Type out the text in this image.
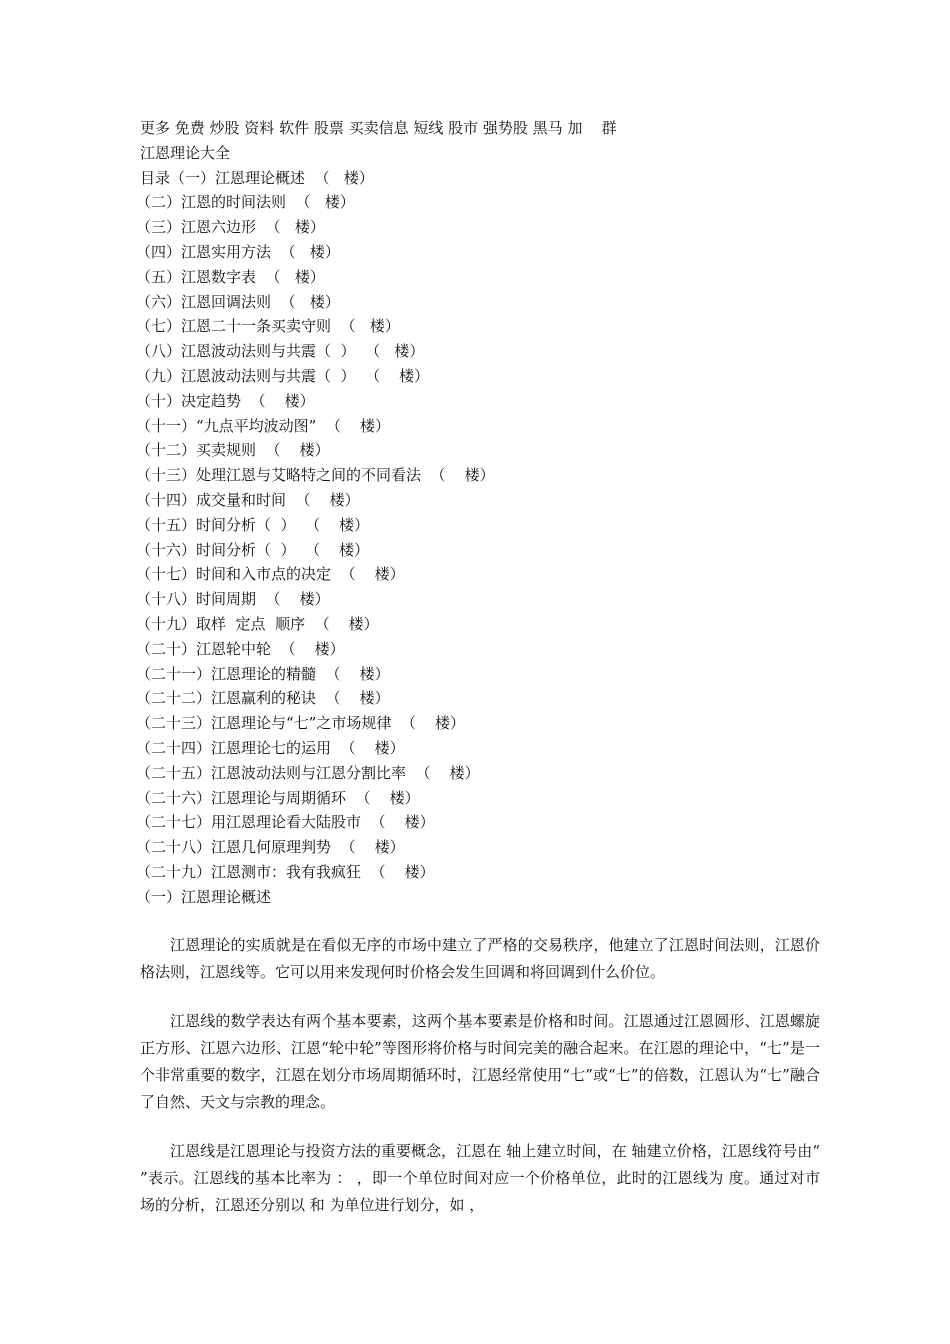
更多 免费 炒股 资料 软件 股票 买卖信息 短线 股市 强势股 黑马 加    群
江恩理论大全
目录（一）江恩理论概述  （   楼）
（二）江恩的时间法则  （   楼）
（三）江恩六边形  （   楼）
（四）江恩实用方法  （   楼）
（五）江恩数字表  （   楼）
（六）江恩回调法则  （   楼）
（七）江恩二十一条买卖守则  （   楼）
（八）江恩波动法则与共震（  ）  （   楼）
（九）江恩波动法则与共震（  ）  （    楼）
（十）决定趋势  （    楼）
（十一）“九点平均波动图”  （    楼）
（十二）买卖规则  （    楼）
（十三）处理江恩与艾略特之间的不同看法  （    楼）
（十四）成交量和时间  （    楼）
（十五）时间分析（  ）  （    楼）
（十六）时间分析（  ）  （    楼）
（十七）时间和入市点的决定  （    楼）
（十八）时间周期  （    楼）
（十九）取样  定点  顺序  （    楼）
（二十）江恩轮中轮  （    楼）
（二十一）江恩理论的精髓  （    楼）
（二十二）江恩赢利的秘诀  （    楼）
（二十三）江恩理论与“七”之市场规律  （    楼）
（二十四）江恩理论七的运用  （    楼）
（二十五）江恩波动法则与江恩分割比率  （    楼）
（二十六）江恩理论与周期循环  （    楼）
（二十七）用江恩理论看大陆股市  （    楼）
（二十八）江恩几何原理判势  （    楼）
（二十九）江恩测市：我有我疯狂  （    楼）
（一）江恩理论概述

江恩理论的实质就是在看似无序的市场中建立了严格的交易秩序，他建立了江恩时间法则，江恩价格法则，江恩线等。它可以用来发现何时价格会发生回调和将回调到什么价位。

江恩线的数学表达有两个基本要素，这两个基本要素是价格和时间。江恩通过江恩圆形、江恩螺旋正方形、江恩六边形、江恩“轮中轮”等图形将价格与时间完美的融合起来。在江恩的理论中，“七”是一个非常重要的数字，江恩在划分市场周期循环时，江恩经常使用“七”或“七”的倍数，江恩认为“七”融合了自然、天文与宗教的理念。

江恩线是江恩理论与投资方法的重要概念，江恩在 轴上建立时间，在 轴建立价格，江恩线符号由“ ”表示。江恩线的基本比率为 ： ，即一个单位时间对应一个价格单位，此时的江恩线为 度。通过对市场的分析，江恩还分别以 和 为单位进行划分，如 ，
